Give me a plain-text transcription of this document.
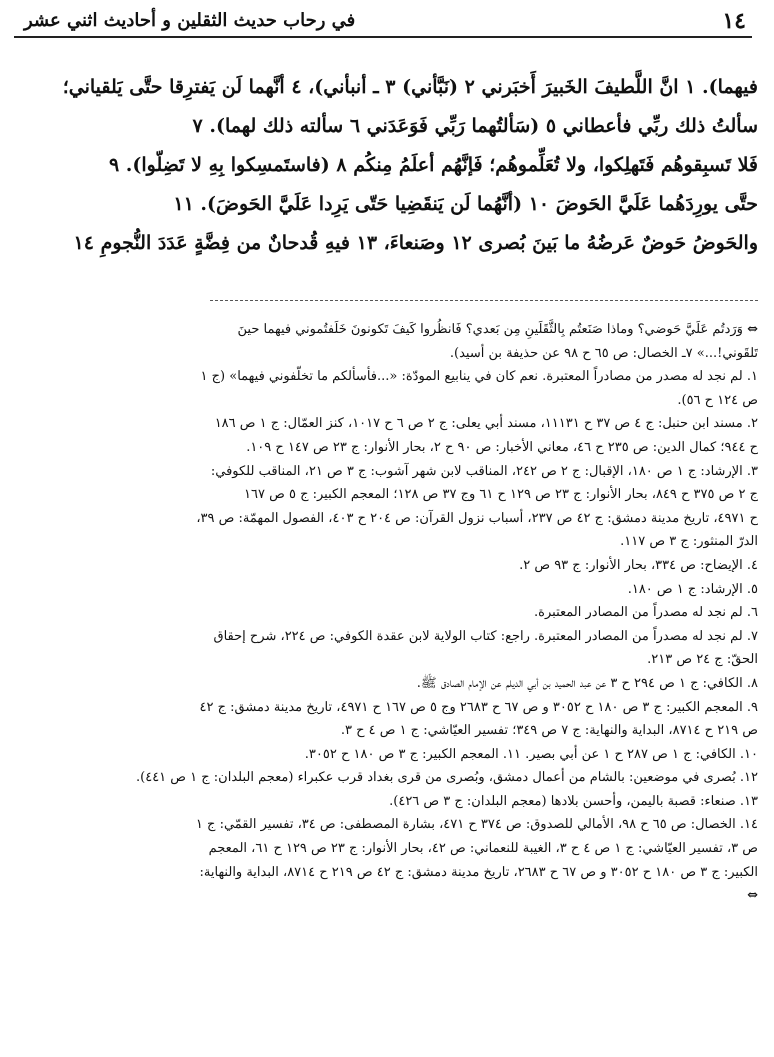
١٤
في رحاب حديث الثقلين و أحاديث اثني عشر
فيهما). ١ انَّ اللَّطيفَ الخَبيرَ أَخبَرني ٢ (نَبَّأني) ٣ ـ أنبأني)، ٤ أنَّهما لَن يَفترِقا حتَّى يَلقياني؛
سألتُ ذلك ربِّي فأعطاني ٥ (سَألتُهما رَبِّي فَوَعَدَني ٦ سألته ذلك لهما). ٧
فَلا تَسبِقوهُم فَتَهلِكوا، ولا تُعَلِّموهُم؛ فَإنَّهُم أعلَمُ مِنكُم ٨ (فاستَمسِكوا بِهِ لا تَضِلّوا). ٩
حتَّى يورِدَهُما عَلَيَّ الحَوضَ ١٠ (أنَّهُما لَن يَنقَضِيا حَتّى يَرِدا عَلَيَّ الحَوضَ). ١١
والحَوضُ حَوضٌ عَرضُهُ ما بَينَ بُصرى ١٢ وصَنعاءَ، ١٣ فيهِ قُدحانٌ من فِضَّةٍ عَدَدَ النُّجومِ ١٤
⇔ وَرَدتُم عَلَيَّ حَوضي؟ وماذا صَنَعتُم بِالثَّقَلَينِ مِن بَعدي؟ فَانظُروا كَيفَ تَكونونَ خَلَفتُموني فيهما حينَ
تَلقَوني!...» ٧ـ الخصال: ص ٦٥ ح ٩٨ عن حذيفة بن أسيد).
١. لم نجد له مصدر من مصادراً المعتبرة. نعم كان في ينابيع المودّة: «...فأسألكم ما تخلّفوني فيهما» (ج ١
ص ١٢٤ ح ٥٦).
٢. مسند ابن حنبل: ج ٤ ص ٣٧ ح ١١١٣١، مسند أبي يعلى: ج ٢ ص ٦ ح ١٠١٧، كنز العمّال: ج ١ ص ١٨٦
ح ٩٤٤؛ كمال الدين: ص ٢٣٥ ح ٤٦، معاني الأخبار: ص ٩٠ ح ٢، بحار الأنوار: ج ٢٣ ص ١٤٧ ح ١٠٩.
٣. الإرشاد: ج ١ ص ١٨٠، الإقبال: ج ٢ ص ٢٤٢، المناقب لابن شهر آشوب: ج ٣ ص ٢١، المناقب للكوفي:
ج ٢ ص ٣٧٥ ح ٨٤٩، بحار الأنوار: ج ٢٣ ص ١٢٩ ح ٦١ وج ٣٧ ص ١٢٨؛ المعجم الكبير: ج ٥ ص ١٦٧
ح ٤٩٧١، تاريخ مدينة دمشق: ج ٤٢ ص ٢٣٧، أسباب نزول القرآن: ص ٢٠٤ ح ٤٠٣، الفصول المهمّة: ص ٣٩،
الدرّ المنثور: ج ٣ ص ١١٧.
٤. الإيضاح: ص ٣٣٤، بحار الأنوار: ج ٩٣ ص ٢.
٥. الإرشاد: ج ١ ص ١٨٠.
٦. لم نجد له مصدراً من المصادر المعتبرة.
٧. لم نجد له مصدراً من المصادر المعتبرة. راجع: كتاب الولاية لابن عقدة الكوفي: ص ٢٢٤، شرح إحقاق
الحقّ: ج ٢٤ ص ٢١٣.
٨. الكافي: ج ١ ص ٢٩٤ ح ٣ عن عبد الحميد بن أبي الديلم عن الإمام الصادق ﷺ.
٩. المعجم الكبير: ج ٣ ص ١٨٠ ح ٣٠٥٢ و ص ٦٧ ح ٢٦٨٣ وج ٥ ص ١٦٧ ح ٤٩٧١، تاريخ مدينة دمشق: ج ٤٢
ص ٢١٩ ح ٨٧١٤، البداية والنهاية: ج ٧ ص ٣٤٩؛ تفسير العيّاشي: ج ١ ص ٤ ح ٣.
١٠. الكافي: ج ١ ص ٢٨٧ ح ١ عن أبي بصير. ١١. المعجم الكبير: ج ٣ ص ١٨٠ ح ٣٠٥٢.
١٢. بُصرى في موضعين: بالشام من أعمال دمشق، وبُصرى من قرى بغداد قرب عكبراء (معجم البلدان: ج ١ ص ٤٤١).
١٣. صنعاء: قصبة باليمن، وأحسن بلادها (معجم البلدان: ج ٣ ص ٤٢٦).
١٤. الخصال: ص ٦٥ ح ٩٨، الأمالي للصدوق: ص ٣٧٤ ح ٤٧١، بشارة المصطفى: ص ٣٤، تفسير القمّي: ج ١
ص ٣، تفسير العيّاشي: ج ١ ص ٤ ح ٣، الغيبة للنعماني: ص ٤٢، بحار الأنوار: ج ٢٣ ص ١٢٩ ح ٦١، المعجم
الكبير: ج ٣ ص ١٨٠ ح ٣٠٥٢ و ص ٦٧ ح ٢٦٨٣، تاريخ مدينة دمشق: ج ٤٢ ص ٢١٩ ح ٨٧١٤، البداية والنهاية:
⇔
